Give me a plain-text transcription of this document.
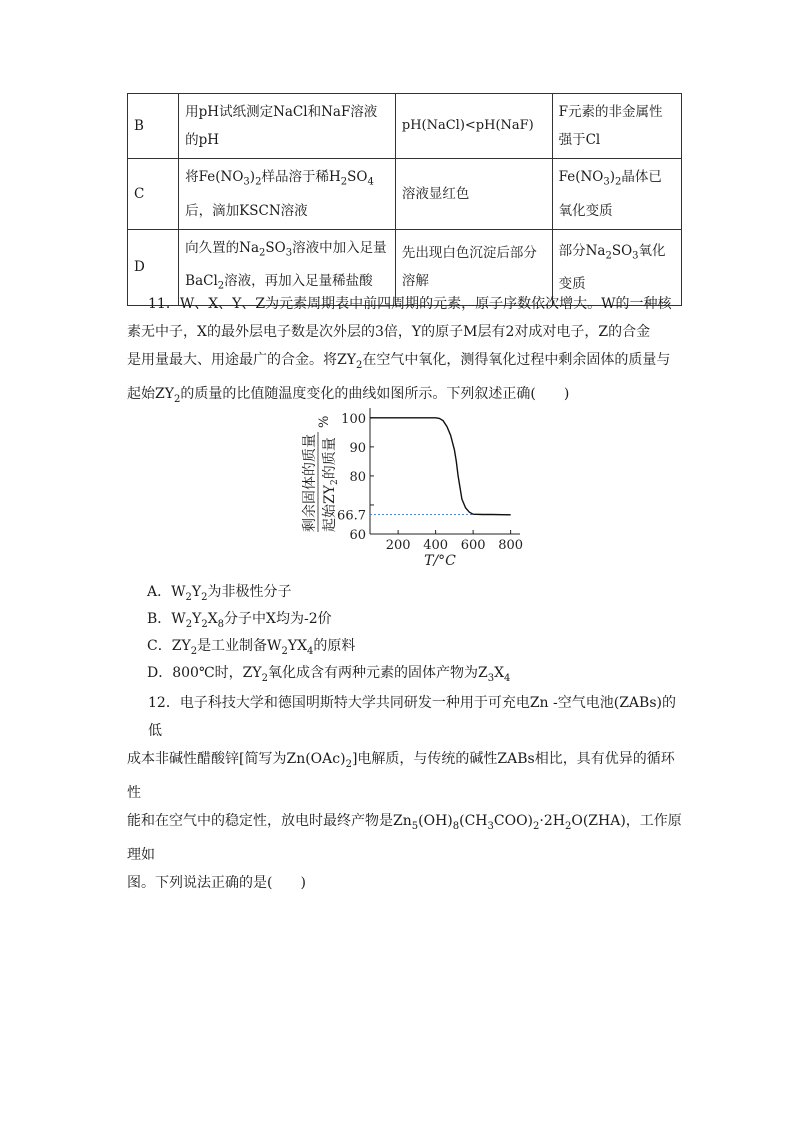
B	用pH试纸测定NaCl和NaF溶液的pH	pH(NaCl)<pH(NaF)	F元素的非金属性强于Cl
C	将$Fe(NO_3)_2$样品溶于稀$H_2SO_4$后，滴加KSCN溶液	溶液显红色	$Fe(NO_3)_2$晶体已氧化变质
D	向久置的$Na_2SO_3$溶液中加入足量BaCl$_2$溶液，再加入足量稀盐酸	先出现白色沉淀后部分溶解	部分$Na_2SO_3$氧化变质

11．W、X、Y、Z为元素周期表中前四周期的元素，原子序数依次增大。W的一种核

素无中子，X的最外层电子数是次外层的3倍，Y的原子M层有2对成对电子，Z的合金

是用量最大、用途最广的合金。将$ZY_2$在空气中氧化，测得氧化过程中剩余固体的质量与

起始$ZY_2$的质量的比值随温度变化的曲线如图所示。下列叙述正确(　　)

剩余固体的质量 起始$ZY_2$的质量
%
60
80
90
100
200 400 600 800
66.7
T/°C
A．$W_2Y_2$为非极性分子
B．$W_2Y_2X_8$分子中X均为-2价
C．$ZY_2$是工业制备$W_2YX_4$的原料
D．800℃时，$ZY_2$氧化成含有两种元素的固体产物为$Z_3X_4$

12．电子科技大学和德国明斯特大学共同研发一种用于可充电Zn -空气电池(ZABs)的低

成本非碱性醋酸锌[简写为$Zn(OAc)_2$]电解质，与传统的碱性ZABs相比，具有优异的循环性

能和在空气中的稳定性，放电时最终产物是$Zn_5(OH)_8(CH_3COO)_2\cdot 2H_2O(ZHA)$，工作原理如

图。下列说法正确的是(　　)
